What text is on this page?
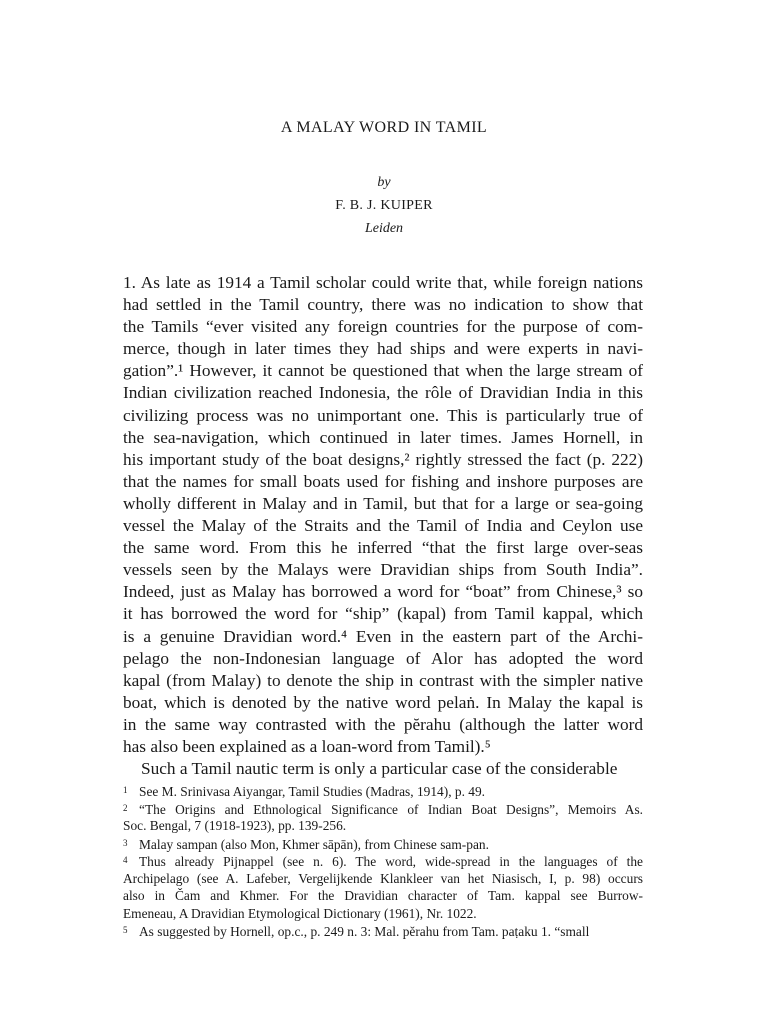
A MALAY WORD IN TAMIL
by
F. B. J. KUIPER
Leiden
1. As late as 1914 a Tamil scholar could write that, while foreign nations
had settled in the Tamil country, there was no indication to show that
the Tamils “ever visited any foreign countries for the purpose of com-
merce, though in later times they had ships and were experts in navi-
gation”.¹ However, it cannot be questioned that when the large stream of
Indian civilization reached Indonesia, the rôle of Dravidian India in this
civilizing process was no unimportant one. This is particularly true of
the sea-navigation, which continued in later times. James Hornell, in
his important study of the boat designs,² rightly stressed the fact (p. 222)
that the names for small boats used for fishing and inshore purposes are
wholly different in Malay and in Tamil, but that for a large or sea-going
vessel the Malay of the Straits and the Tamil of India and Ceylon use
the same word. From this he inferred “that the first large over-seas
vessels seen by the Malays were Dravidian ships from South India”.
Indeed, just as Malay has borrowed a word for “boat” from Chinese,³ so
it has borrowed the word for “ship” (kapal) from Tamil kappal, which
is a genuine Dravidian word.⁴ Even in the eastern part of the Archi-
pelago the non-Indonesian language of Alor has adopted the word
kapal (from Malay) to denote the ship in contrast with the simpler native
boat, which is denoted by the native word pelaṅ. In Malay the kapal is
in the same way contrasted with the pĕrahu (although the latter word
has also been explained as a loan-word from Tamil).⁵
Such a Tamil nautic term is only a particular case of the considerable
1 See M. Srinivasa Aiyangar, Tamil Studies (Madras, 1914), p. 49.
2 “The Origins and Ethnological Significance of Indian Boat Designs”, Memoirs As.
Soc. Bengal, 7 (1918-1923), pp. 139-256.
3 Malay sampan (also Mon, Khmer sāpān), from Chinese sam-pan.
4 Thus already Pijnappel (see n. 6). The word, wide-spread in the languages of the
Archipelago (see A. Lafeber, Vergelijkende Klankleer van het Niasisch, I, p. 98) occurs
also in Čam and Khmer. For the Dravidian character of Tam. kappal see Burrow-
Emeneau, A Dravidian Etymological Dictionary (1961), Nr. 1022.
5 As suggested by Hornell, op.c., p. 249 n. 3: Mal. pĕrahu from Tam. paṭaku 1. “small
